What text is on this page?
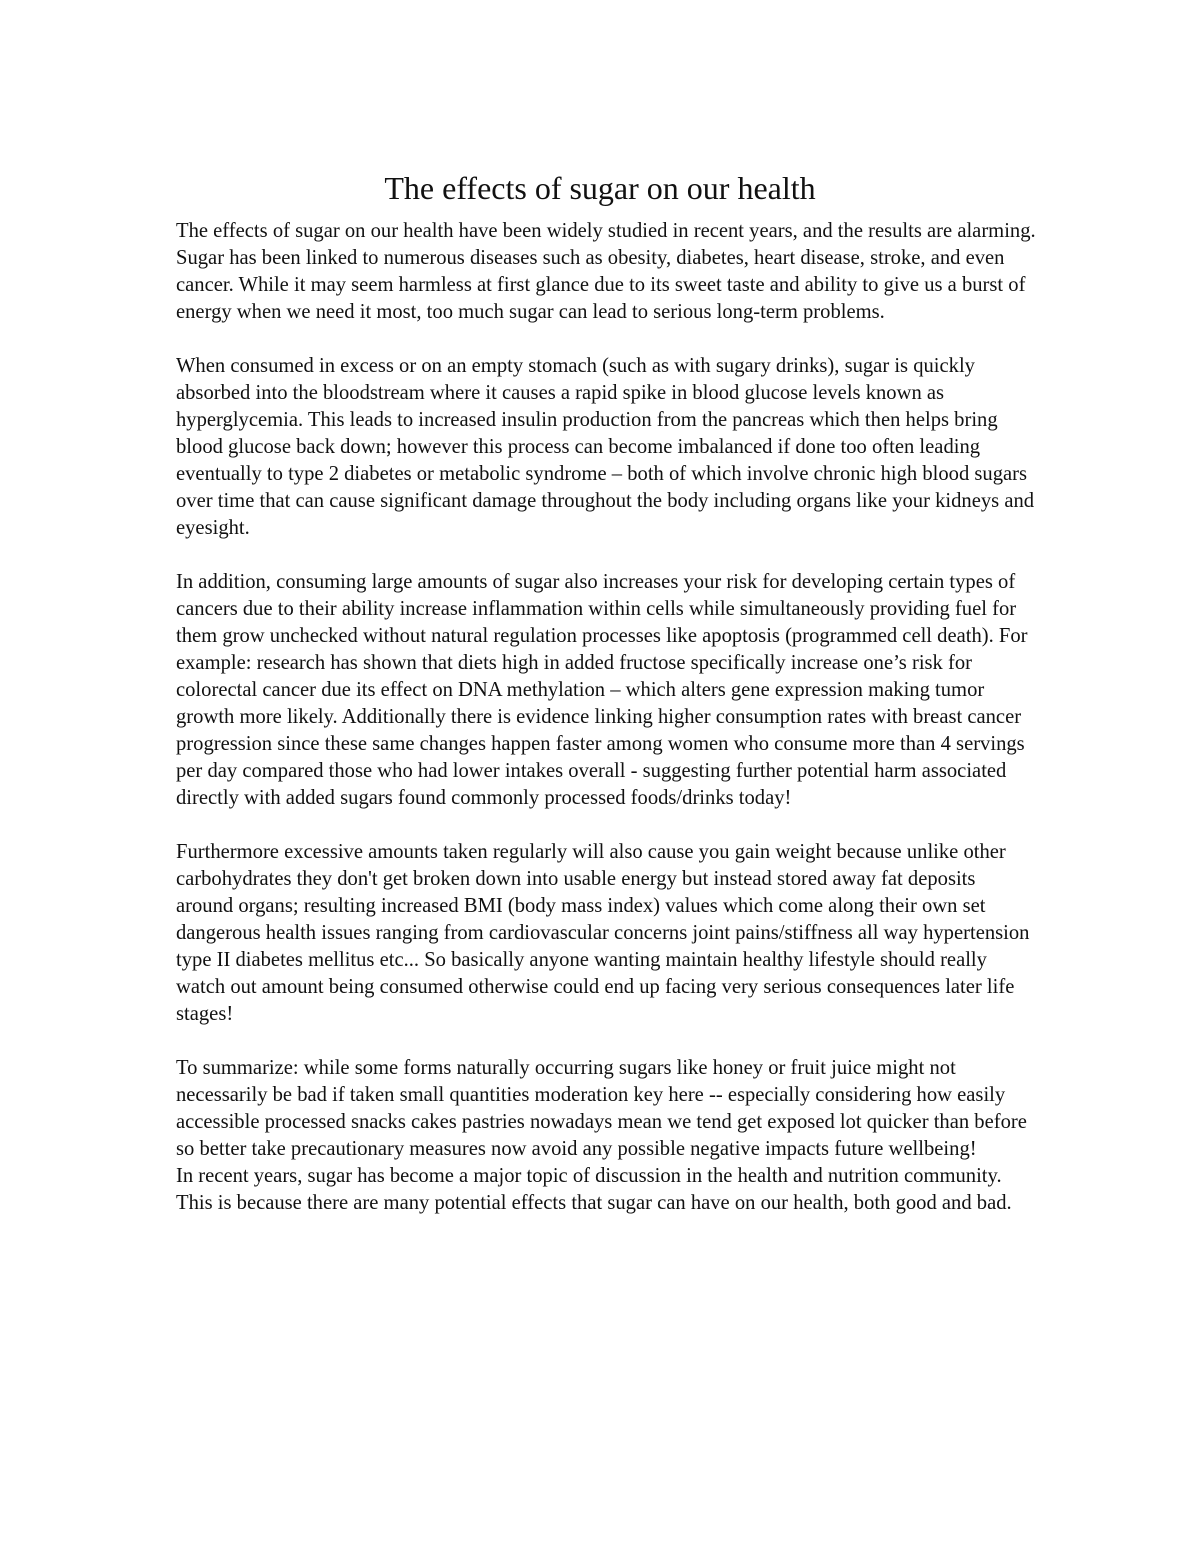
The effects of sugar on our health

The effects of sugar on our health have been widely studied in recent years, and the results are alarming. Sugar has been linked to numerous diseases such as obesity, diabetes, heart disease, stroke, and even cancer. While it may seem harmless at first glance due to its sweet taste and ability to give us a burst of energy when we need it most, too much sugar can lead to serious long-term problems.

When consumed in excess or on an empty stomach (such as with sugary drinks), sugar is quickly absorbed into the bloodstream where it causes a rapid spike in blood glucose levels known as hyperglycemia. This leads to increased insulin production from the pancreas which then helps bring blood glucose back down; however this process can become imbalanced if done too often leading eventually to type 2 diabetes or metabolic syndrome – both of which involve chronic high blood sugars over time that can cause significant damage throughout the body including organs like your kidneys and eyesight.

In addition, consuming large amounts of sugar also increases your risk for developing certain types of cancers due to their ability increase inflammation within cells while simultaneously providing fuel for them grow unchecked without natural regulation processes like apoptosis (programmed cell death). For example: research has shown that diets high in added fructose specifically increase one’s risk for colorectal cancer due its effect on DNA methylation – which alters gene expression making tumor growth more likely. Additionally there is evidence linking higher consumption rates with breast cancer progression since these same changes happen faster among women who consume more than 4 servings per day compared those who had lower intakes overall - suggesting further potential harm associated directly with added sugars found commonly processed foods/drinks today!

Furthermore excessive amounts taken regularly will also cause you gain weight because unlike other carbohydrates they don't get broken down into usable energy but instead stored away fat deposits around organs; resulting increased BMI (body mass index) values which come along their own set dangerous health issues ranging from cardiovascular concerns joint pains/stiffness all way hypertension type II diabetes mellitus etc... So basically anyone wanting maintain healthy lifestyle should really watch out amount being consumed otherwise could end up facing very serious consequences later life stages!

To summarize: while some forms naturally occurring sugars like honey or fruit juice might not necessarily be bad if taken small quantities moderation key here -- especially considering how easily accessible processed snacks cakes pastries nowadays mean we tend get exposed lot quicker than before so better take precautionary measures now avoid any possible negative impacts future wellbeing!

In recent years, sugar has become a major topic of discussion in the health and nutrition community. This is because there are many potential effects that sugar can have on our health, both good and bad.
